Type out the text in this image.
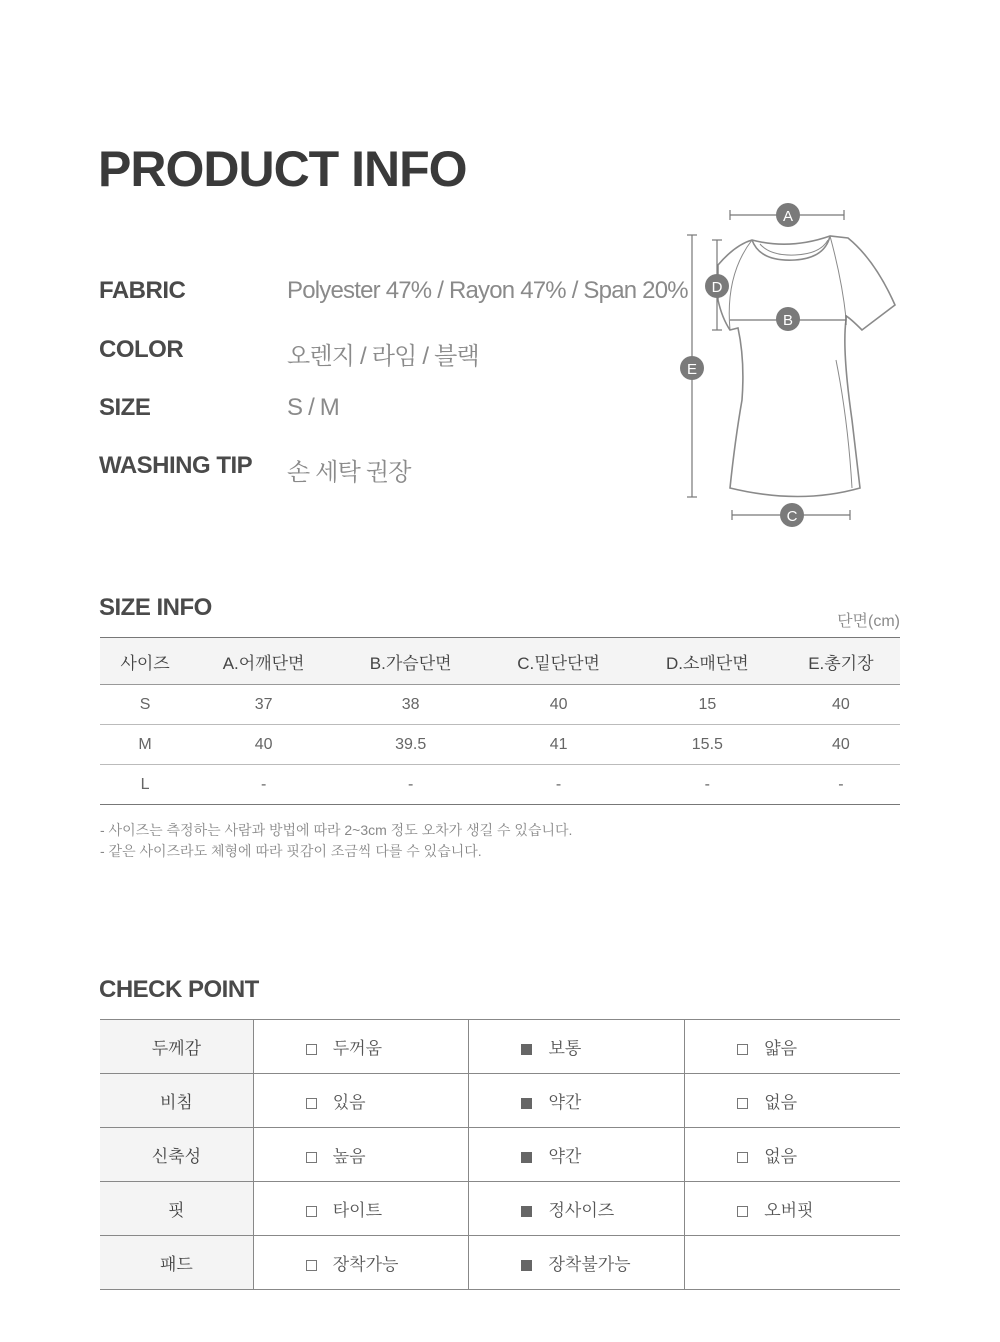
PRODUCT INFO
FABRIC	Polyester 47% / Rayon 47% / Span 20%
COLOR	오렌지 / 라임 / 블랙
SIZE	S / M
WASHING TIP 손 세탁 권장
A
B
C
D
E
SIZE INFO
단면(cm)
사이즈	A.어깨단면	B.가슴단면	C.밑단단면	D.소매단면	E.총기장
S	37	38	40	15	40
M	40	39.5	41	15.5	40
L	-	-	-	-	-
- 사이즈는 측정하는 사람과 방법에 따라 2~3cm 정도 오차가 생길 수 있습니다.
- 같은 사이즈라도 체형에 따라 핏감이 조금씩 다를 수 있습니다.
CHECK POINT
두께감	두꺼움	보통	얇음
비침	있음	약간	없음
신축성	높음	약간	없음
핏	타이트	정사이즈	오버핏
패드	장착가능	장착불가능	
